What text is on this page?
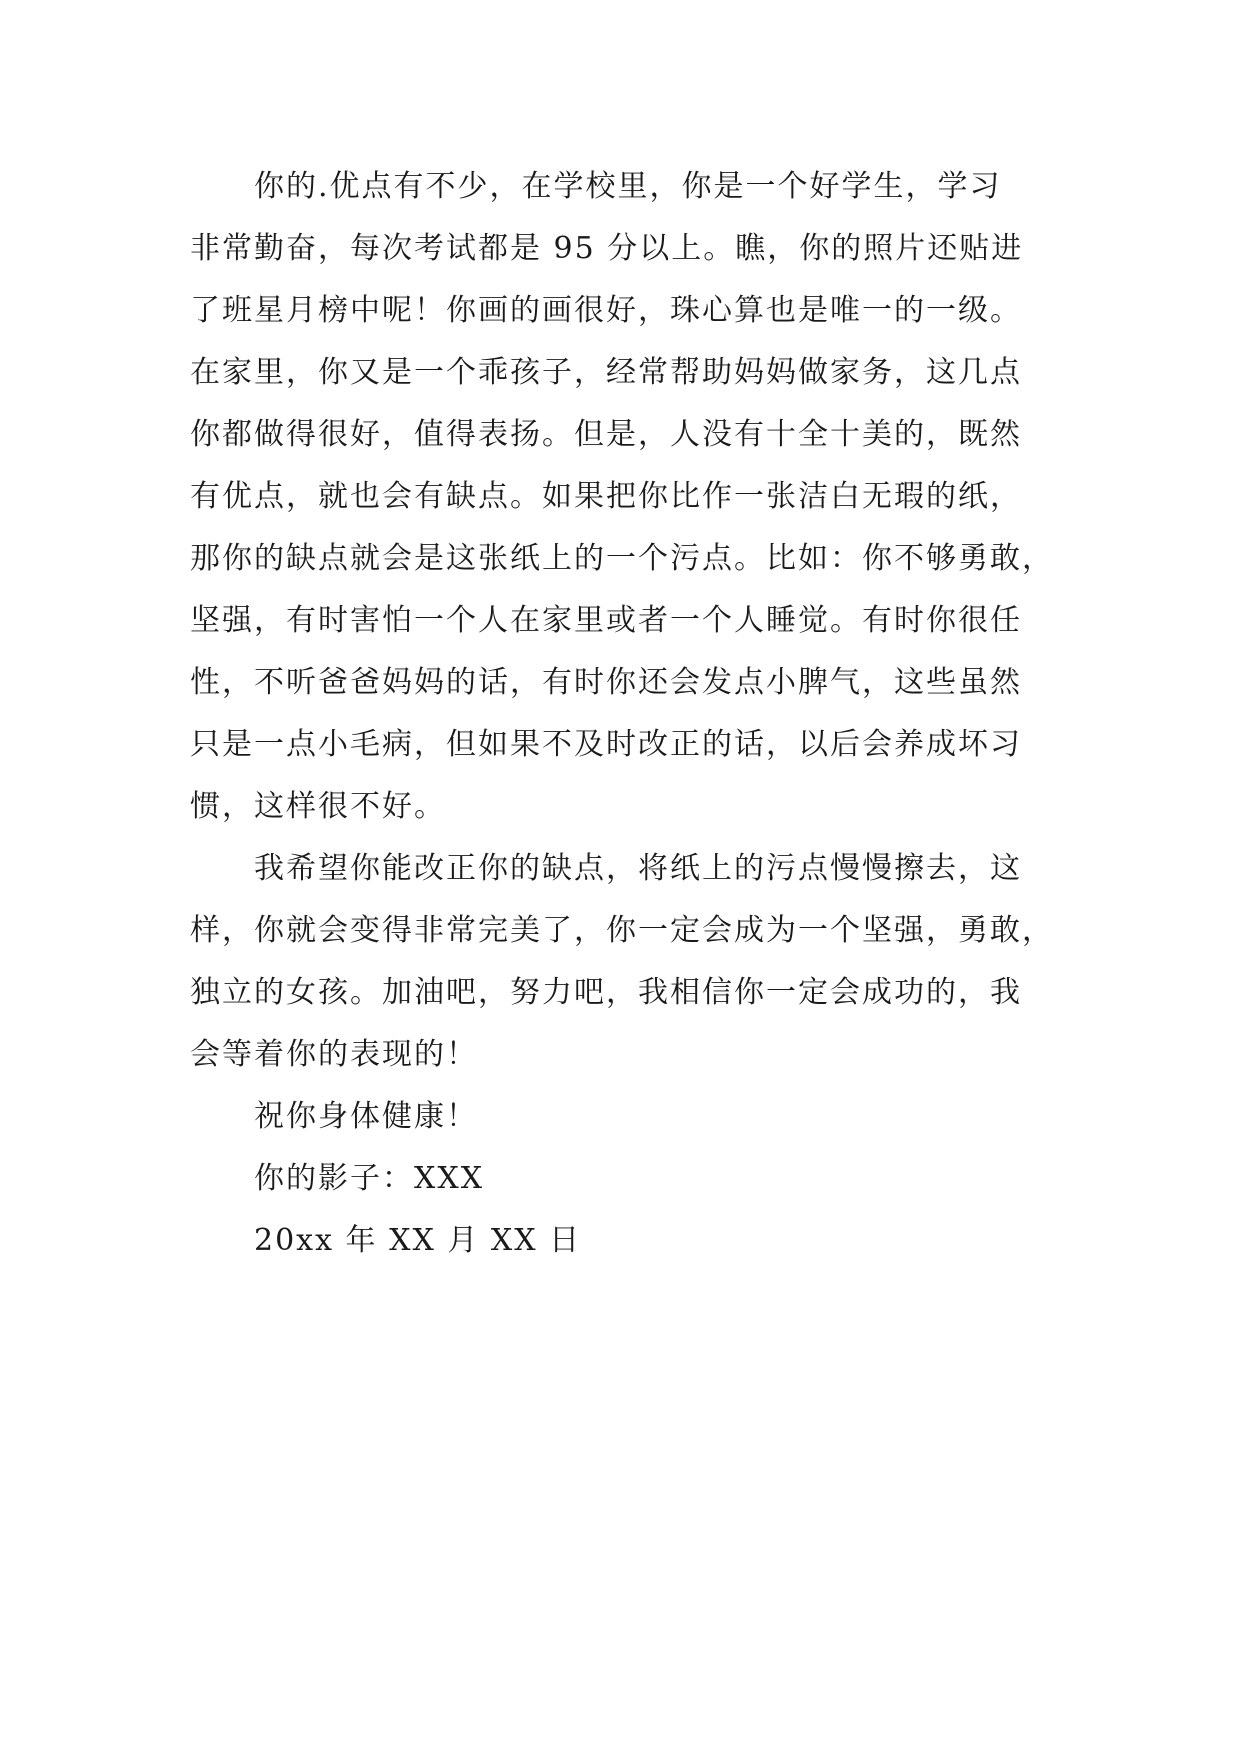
你的.优点有不少，在学校里，你是一个好学生，学习
非常勤奋，每次考试都是 95 分以上。瞧，你的照片还贴进
了班星月榜中呢！你画的画很好，珠心算也是唯一的一级。
在家里，你又是一个乖孩子，经常帮助妈妈做家务，这几点
你都做得很好，值得表扬。但是，人没有十全十美的，既然
有优点，就也会有缺点。如果把你比作一张洁白无瑕的纸，
那你的缺点就会是这张纸上的一个污点。比如：你不够勇敢，
坚强，有时害怕一个人在家里或者一个人睡觉。有时你很任
性，不听爸爸妈妈的话，有时你还会发点小脾气，这些虽然
只是一点小毛病，但如果不及时改正的话，以后会养成坏习
惯，这样很不好。
我希望你能改正你的缺点，将纸上的污点慢慢擦去，这
样，你就会变得非常完美了，你一定会成为一个坚强，勇敢，
独立的女孩。加油吧，努力吧，我相信你一定会成功的，我
会等着你的表现的！
祝你身体健康！
你的影子：XXX
20xx 年 XX 月 XX 日
